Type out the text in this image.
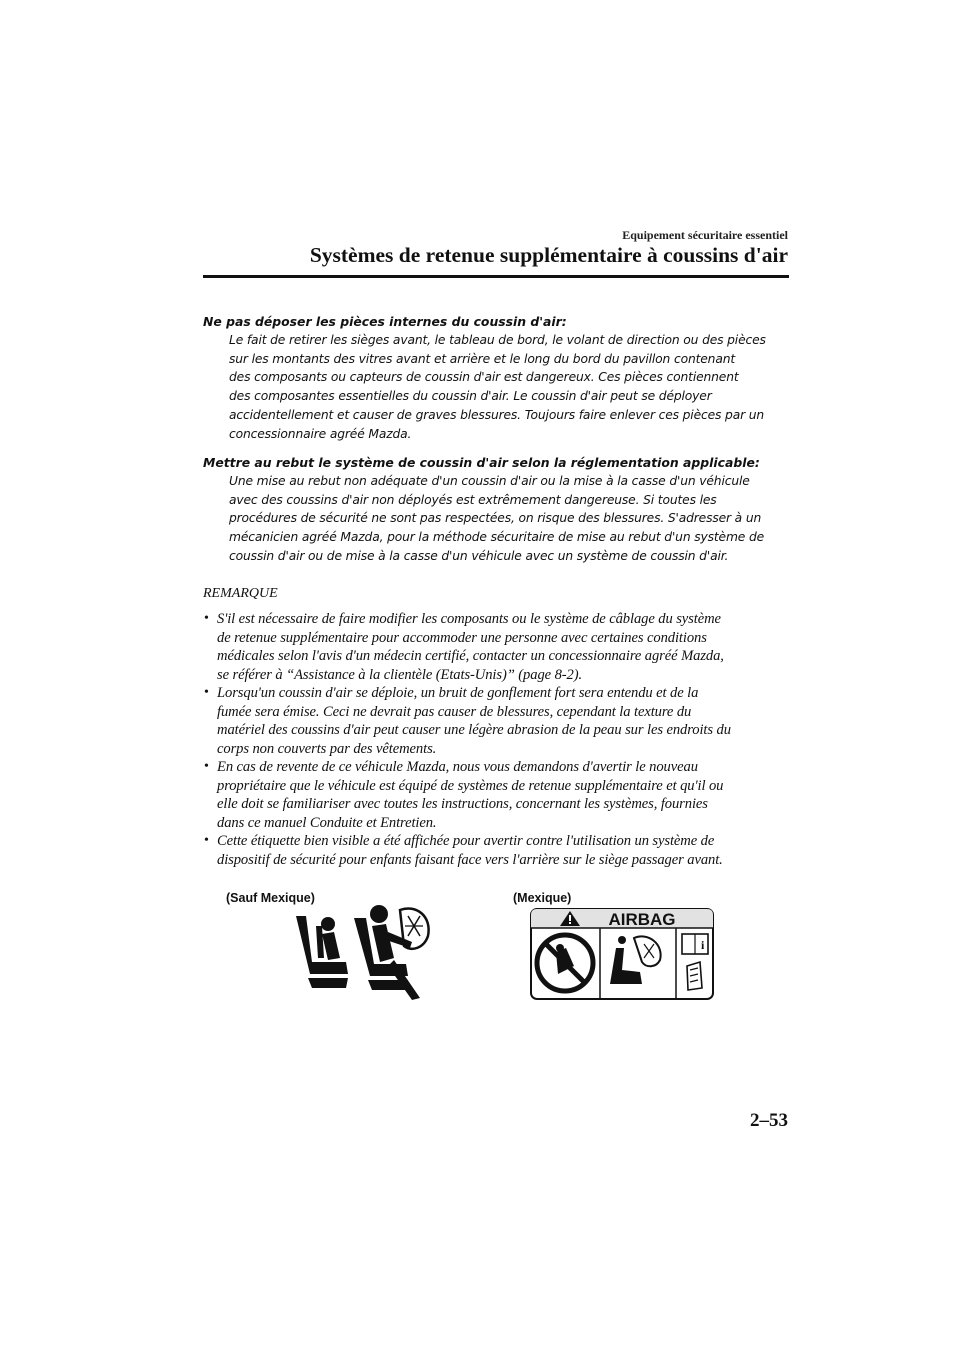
Equipement sécuritaire essentiel
Systèmes de retenue supplémentaire à coussins d'air
Ne pas déposer les pièces internes du coussin d'air:
Le fait de retirer les sièges avant, le tableau de bord, le volant de direction ou des pièces
sur les montants des vitres avant et arrière et le long du bord du pavillon contenant
des composants ou capteurs de coussin d'air est dangereux. Ces pièces contiennent
des composantes essentielles du coussin d'air. Le coussin d'air peut se déployer
accidentellement et causer de graves blessures. Toujours faire enlever ces pièces par un
concessionnaire agréé Mazda.
Mettre au rebut le système de coussin d'air selon la réglementation applicable:
Une mise au rebut non adéquate d'un coussin d'air ou la mise à la casse d'un véhicule
avec des coussins d'air non déployés est extrêmement dangereuse. Si toutes les
procédures de sécurité ne sont pas respectées, on risque des blessures. S'adresser à un
mécanicien agréé Mazda, pour la méthode sécuritaire de mise au rebut d'un système de
coussin d'air ou de mise à la casse d'un véhicule avec un système de coussin d'air.
REMARQUE
• S'il est nécessaire de faire modifier les composants ou le système de câblage du système
de retenue supplémentaire pour accommoder une personne avec certaines conditions
médicales selon l'avis d'un médecin certifié, contacter un concessionnaire agréé Mazda,
se référer à “Assistance à la clientèle (Etats-Unis)” (page 8-2).
• Lorsqu'un coussin d'air se déploie, un bruit de gonflement fort sera entendu et de la
fumée sera émise. Ceci ne devrait pas causer de blessures, cependant la texture du
matériel des coussins d'air peut causer une légère abrasion de la peau sur les endroits du
corps non couverts par des vêtements.
• En cas de revente de ce véhicule Mazda, nous vous demandons d'avertir le nouveau
propriétaire que le véhicule est équipé de systèmes de retenue supplémentaire et qu'il ou
elle doit se familiariser avec toutes les instructions, concernant les systèmes, fournies
dans ce manuel Conduite et Entretien.
• Cette étiquette bien visible a été affichée pour avertir contre l'utilisation un système de
dispositif de sécurité pour enfants faisant face vers l'arrière sur le siège passager avant.
(Sauf Mexique)	(Mexique)
AIRBAG
i
2–53
